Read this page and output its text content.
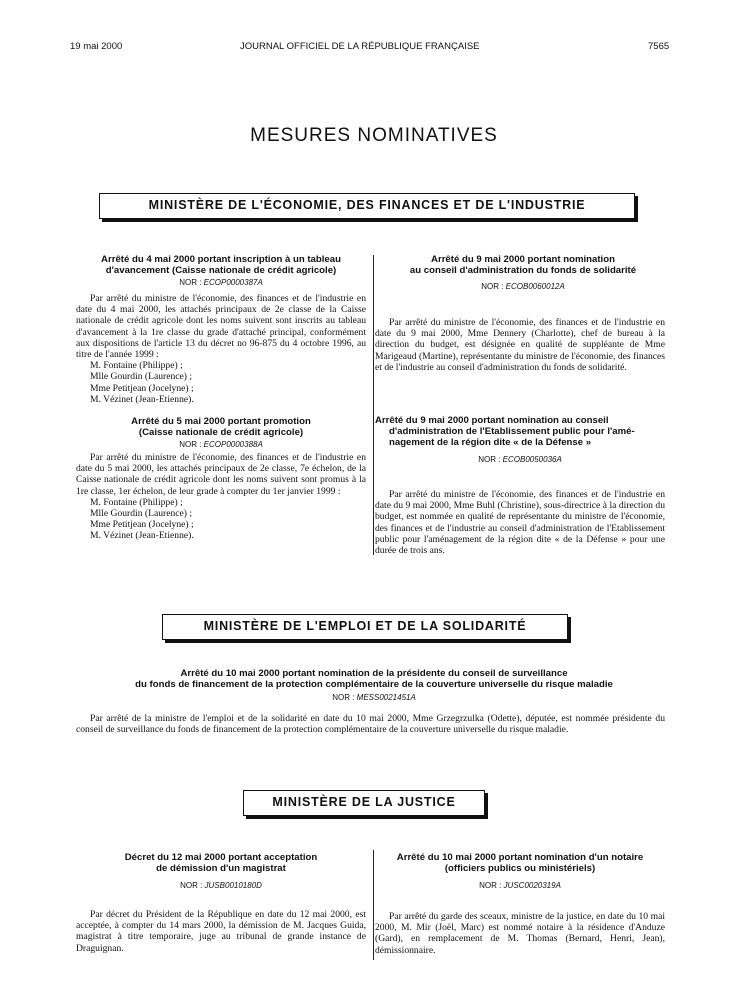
19 mai 2000	JOURNAL OFFICIEL DE LA RÉPUBLIQUE FRANÇAISE	7565
MESURES NOMINATIVES
MINISTÈRE DE L'ÉCONOMIE, DES FINANCES ET DE L'INDUSTRIE
Arrêté du 4 mai 2000 portant inscription à un tableau
d'avancement (Caisse nationale de crédit agricole)
NOR : ECOP0000387A

Par arrêté du ministre de l'économie, des finances et de l'industrie en date du 4 mai 2000, les attachés principaux de 2e classe de la Caisse nationale de crédit agricole dont les noms suivent sont inscrits au tableau d'avancement à la 1re classe du grade d'attaché principal, conformément aux dispositions de l'article 13 du décret no 96-875 du 4 octobre 1996, au titre de l'année 1999 :

M. Fontaine (Philippe) ;

Mlle Gourdin (Laurence) ;

Mme Petitjean (Jocelyne) ;

M. Vézinet (Jean-Etienne).

Arrêté du 5 mai 2000 portant promotion
(Caisse nationale de crédit agricole)
NOR : ECOP0000388A

Par arrêté du ministre de l'économie, des finances et de l'industrie en date du 5 mai 2000, les attachés principaux de 2e classe, 7e échelon, de la Caisse nationale de crédit agricole dont les noms suivent sont promus à la 1re classe, 1er échelon, de leur grade à compter du 1er janvier 1999 :

M. Fontaine (Philippe) ;

Mlle Gourdin (Laurence) ;

Mme Petitjean (Jocelyne) ;

M. Vézinet (Jean-Etienne).

Arrêté du 9 mai 2000 portant nomination
au conseil d'administration du fonds de solidarité
NOR : ECOB0060012A

Par arrêté du ministre de l'économie, des finances et de l'industrie en date du 9 mai 2000, Mme Dennery (Charlotte), chef de bureau à la direction du budget, est désignée en qualité de suppléante de Mme Marigeaud (Martine), représentante du ministre de l'économie, des finances et de l'industrie au conseil d'administration du fonds de solidarité.

Arrêté du 9 mai 2000 portant nomination au conseil
d'administration de l'Etablissement public pour l'amé-
nagement de la région dite « de la Défense »
NOR : ECOB0050036A

Par arrêté du ministre de l'économie, des finances et de l'industrie en date du 9 mai 2000, Mme Buhl (Christine), sous-directrice à la direction du budget, est nommée en qualité de représentante du ministre de l'économie, des finances et de l'industrie au conseil d'administration de l'Etablissement public pour l'aménagement de la région dite « de la Défense » pour une durée de trois ans.

MINISTÈRE DE L'EMPLOI ET DE LA SOLIDARITÉ
Arrêté du 10 mai 2000 portant nomination de la présidente du conseil de surveillance
du fonds de financement de la protection complémentaire de la couverture universelle du risque maladie
NOR : MESS0021451A

Par arrêté de la ministre de l'emploi et de la solidarité en date du 10 mai 2000, Mme Grzegrzulka (Odette), députée, est nommée présidente du conseil de surveillance du fonds de financement de la protection complémentaire de la couverture universelle du risque maladie.

MINISTÈRE DE LA JUSTICE
Décret du 12 mai 2000 portant acceptation
de démission d'un magistrat
NOR : JUSB0010180D

Par décret du Président de la République en date du 12 mai 2000, est acceptée, à compter du 14 mars 2000, la démission de M. Jacques Guida, magistrat à titre temporaire, juge au tribunal de grande instance de Draguignan.

Arrêté du 10 mai 2000 portant nomination d'un notaire
(officiers publics ou ministériels)
NOR : JUSC0020319A

Par arrêté du garde des sceaux, ministre de la justice, en date du 10 mai 2000, M. Mir (Joël, Marc) est nommé notaire à la résidence d'Anduze (Gard), en remplacement de M. Thomas (Bernard, Henri, Jean), démissionnaire.
